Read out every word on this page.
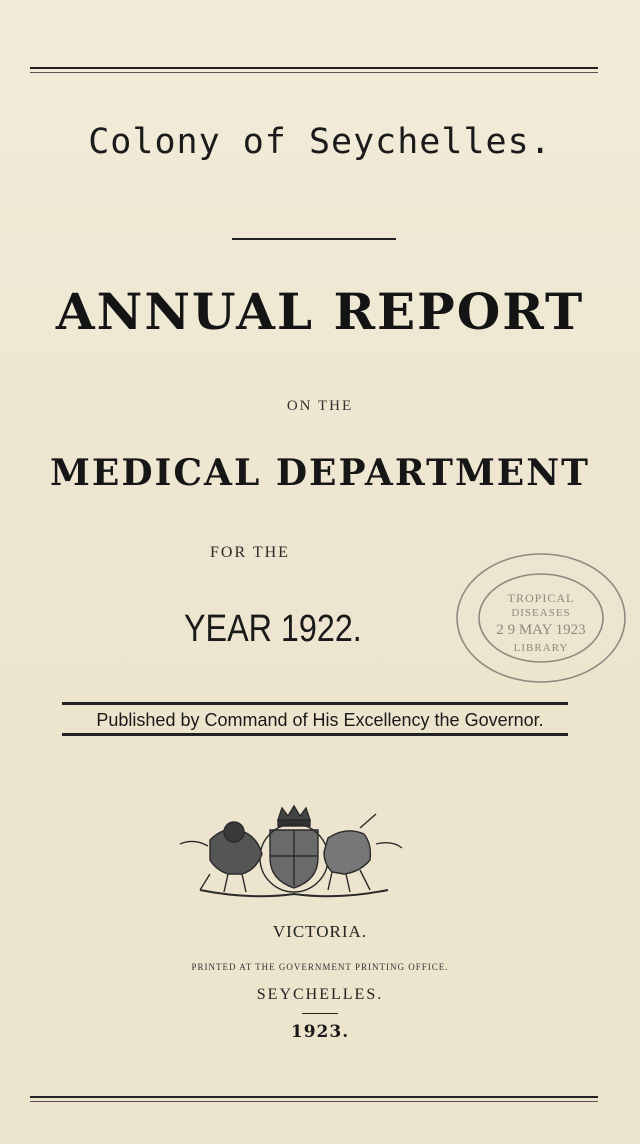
Colony of Seychelles.
ANNUAL REPORT
ON THE
MEDICAL DEPARTMENT
FOR THE
YEAR 1922.
TROPICAL
DISEASES
2 9 MAY 1923
LIBRARY
Published by Command of His Excellency the Governor.
VICTORIA.
PRINTED AT THE GOVERNMENT PRINTING OFFICE.
SEYCHELLES.
1923.
